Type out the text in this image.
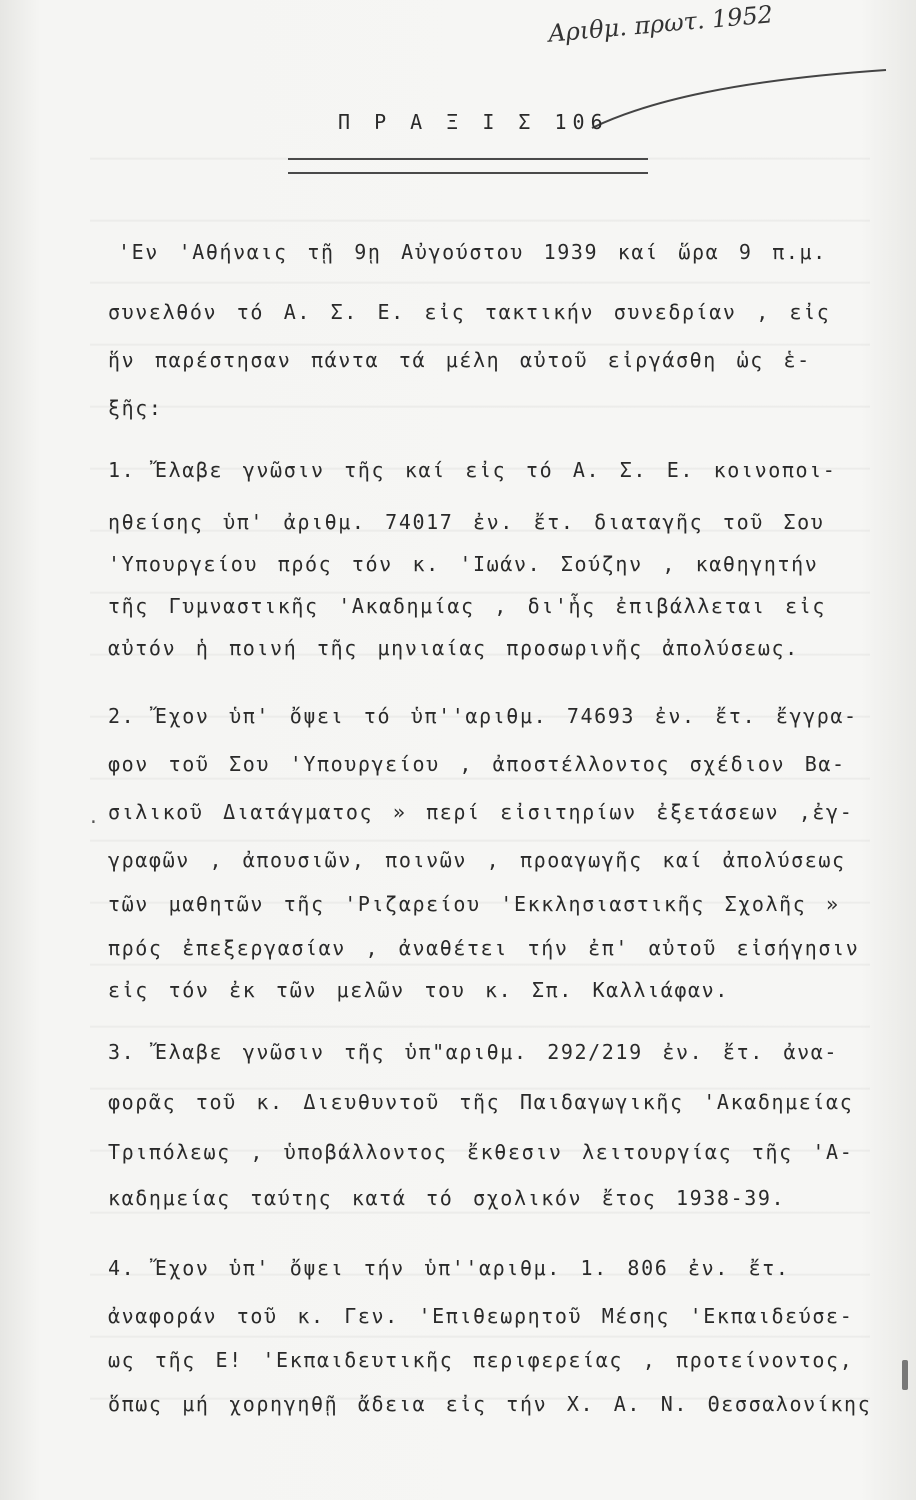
Αριθμ. πρωτ. 1952
Π Ρ Α Ξ Ι Σ 106
'Εν 'Αθήναις τῇ 9ῃ Αὐγούστου 1939 καί ὥρα 9 π.μ.
συνελθόν τό Α. Σ. Ε. εἰς τακτικήν συνεδρίαν , εἰς
ἥν παρέστησαν πάντα τά μέλη αὐτοῦ εἰργάσθη ὡς ἑ-
ξῆς:
1. Ἔλαβε γνῶσιν τῆς καί εἰς τό Α. Σ. Ε. κοινοποι-
ηθείσης ὑπ' ἀριθμ. 74017 ἐν. ἔτ. διαταγῆς τοῦ Σου
'Υπουργείου πρός τόν κ. 'Ιωάν. Σούζην , καθηγητήν
τῆς Γυμναστικῆς 'Ακαδημίας , δι'ἧς ἐπιβάλλεται εἰς
αὐτόν ἡ ποινή τῆς μηνιαίας προσωρινῆς ἀπολύσεως.
2. Ἔχον ὑπ' ὄψει τό ὑπ''αριθμ. 74693 ἐν. ἔτ. ἔγγρα-
φον τοῦ Σου 'Υπουργείου , ἀποστέλλοντος σχέδιον Βα-
σιλικοῦ Διατάγματος » περί εἰσιτηρίων ἐξετάσεων ,ἐγ-
γραφῶν , ἀπουσιῶν, ποινῶν , προαγωγῆς καί ἀπολύσεως
τῶν μαθητῶν τῆς 'Ριζαρείου 'Εκκλησιαστικῆς Σχολῆς »
πρός ἐπεξεργασίαν , ἀναθέτει τήν ἐπ' αὐτοῦ εἰσήγησιν
εἰς τόν ἐκ τῶν μελῶν του κ. Σπ. Καλλιάφαν.
3. Ἔλαβε γνῶσιν τῆς ὑπ"αριθμ. 292/219 ἐν. ἔτ. ἀνα-
φορᾶς τοῦ κ. Διευθυντοῦ τῆς Παιδαγωγικῆς 'Ακαδημείας
Τριπόλεως , ὑποβάλλοντος ἔκθεσιν λειτουργίας τῆς 'Α-
καδημείας ταύτης κατά τό σχολικόν ἔτος 1938-39.
4. Ἔχον ὑπ' ὄψει τήν ὑπ''αριθμ. 1. 806 ἐν. ἔτ.
ἀναφοράν τοῦ κ. Γεν. 'Επιθεωρητοῦ Μέσης 'Εκπαιδεύσε-
ως τῆς Ε! 'Εκπαιδευτικῆς περιφερείας , προτείνοντος,
ὅπως μή χορηγηθῇ ἄδεια εἰς τήν Χ. Α. Ν. Θεσσαλονίκης
·
